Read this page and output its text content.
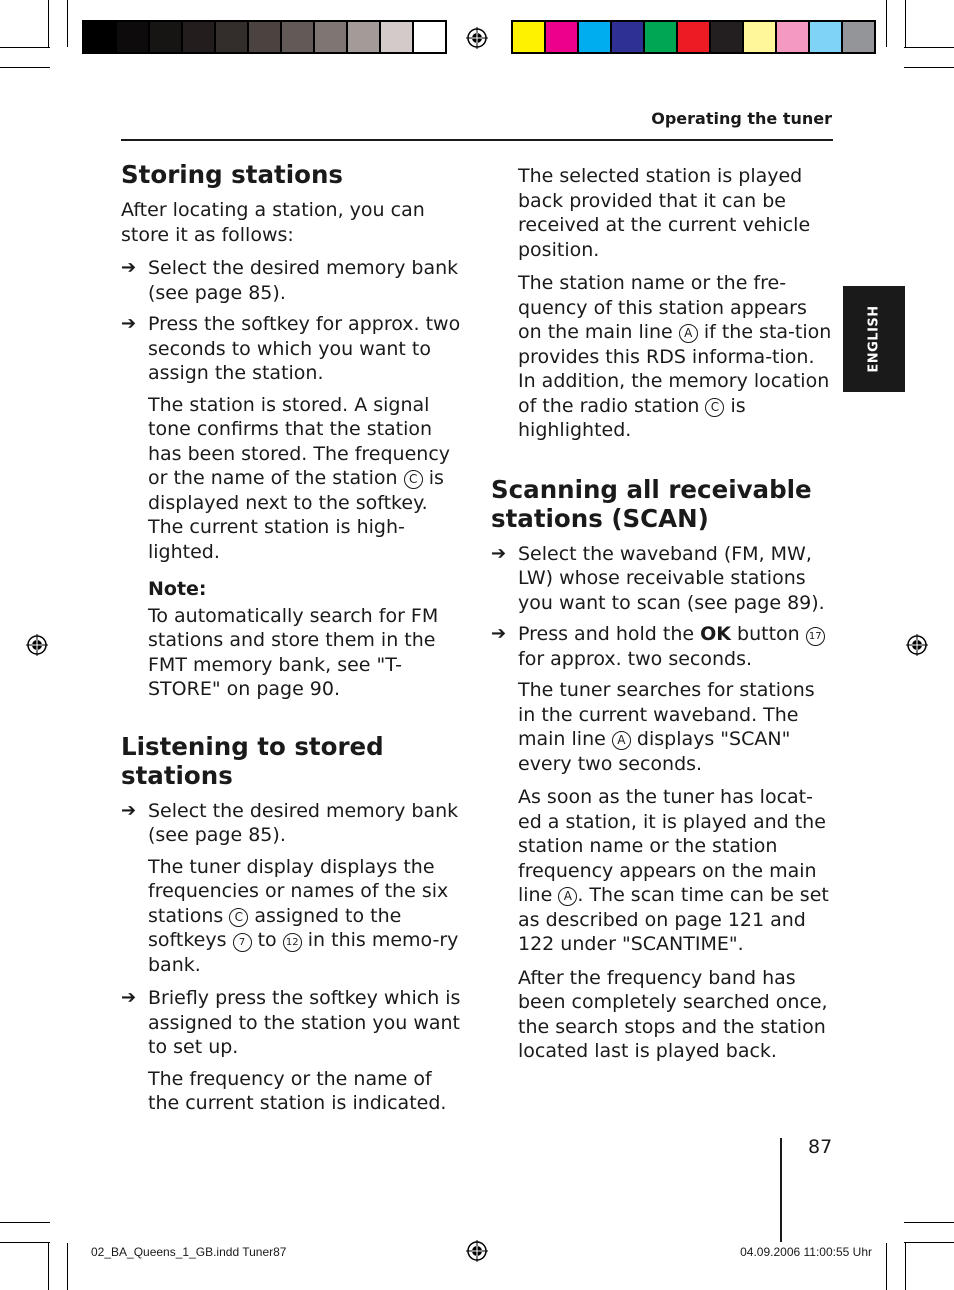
Operating the tuner
ENGLISH
Storing stations

After locating a station, you can store it as follows:

➔ Select the desired memory bank (see page 85).
➔ Press the softkey for approx. two seconds to which you want to assign the station.

The station is stored. A signal tone confirms that the station has been stored. The frequency or the name of the station C is displayed next to the softkey. The current station is high-lighted.

Note:

To automatically search for FM stations and store them in the FMT memory bank, see "T-STORE" on page 90.

Listening to stored stations
➔ Select the desired memory bank (see page 85).

The tuner display displays the frequencies or names of the six stations C assigned to the softkeys 7 to 12 in this memo-ry bank.

➔ Briefly press the softkey which is assigned to the station you want to set up.

The frequency or the name of the current station is indicated.

The selected station is played back provided that it can be received at the current vehicle position.

The station name or the fre-quency of this station appears on the main line A if the sta-tion provides this RDS informa-tion. In addition, the memory location of the radio station C is highlighted.

Scanning all receivable stations (SCAN)
➔ Select the waveband (FM, MW, LW) whose receivable stations you want to scan (see page 89).
➔ Press and hold the OK button 17 for approx. two seconds.

The tuner searches for stations in the current waveband. The main line A displays "SCAN" every two seconds.

As soon as the tuner has locat-ed a station, it is played and the station name or the station frequency appears on the main line A . The scan time can be set as described on page 121 and 122 under "SCANTIME".

After the frequency band has been completely searched once, the search stops and the station located last is played back.

87
02_BA_Queens_1_GB.indd Tuner87	04.09.2006 11:00:55 Uhr
